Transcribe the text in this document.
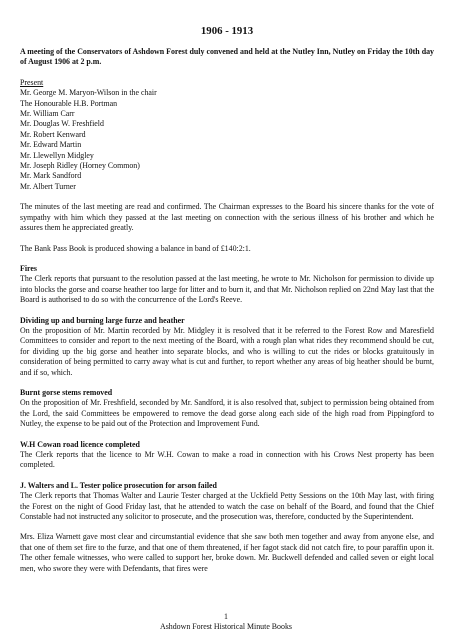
1906 - 1913
A meeting of the Conservators of Ashdown Forest duly convened and held at the Nutley Inn, Nutley on Friday the 10th day of August 1906 at 2 p.m.
Present
Mr. George M. Maryon-Wilson in the chair
The Honourable H.B. Portman
Mr. William Carr
Mr. Douglas W. Freshfield
Mr. Robert Kenward
Mr. Edward Martin
Mr. Llewellyn Midgley
Mr. Joseph Ridley (Horney Common)
Mr. Mark Sandford
Mr. Albert Turner

The minutes of the last meeting are read and confirmed. The Chairman expresses to the Board his sincere thanks for the vote of sympathy with him which they passed at the last meeting on connection with the serious illness of his brother and which he assures them he appreciated greatly.

The Bank Pass Book is produced showing a balance in band of £140:2:1.

Fires

The Clerk reports that pursuant to the resolution passed at the last meeting, he wrote to Mr. Nicholson for permission to divide up into blocks the gorse and coarse heather too large for litter and to burn it, and that Mr. Nicholson replied on 22nd May last that the Board is authorised to do so with the concurrence of the Lord's Reeve.

Dividing up and burning large furze and heather

On the proposition of Mr. Martin recorded by Mr. Midgley it is resolved that it be referred to the Forest Row and Maresfield Committees to consider and report to the next meeting of the Board, with a rough plan what rides they recommend should be cut, for dividing up the big gorse and heather into separate blocks, and who is willing to cut the rides or blocks gratuitously in consideration of being permitted to carry away what is cut and further, to report whether any areas of big heather should be burnt, and if so, which.

Burnt gorse stems removed

On the proposition of Mr. Freshfield, seconded by Mr. Sandford, it is also resolved that, subject to permission being obtained from the Lord, the said Committees be empowered to remove the dead gorse along each side of the high road from Pippingford to Nutley, the expense to be paid out of the Protection and Improvement Fund.

W.H Cowan road licence completed

The Clerk reports that the licence to Mr W.H. Cowan to make a road in connection with his Crows Nest property has been completed.

J. Walters and L. Tester police prosecution for arson failed

The Clerk reports that Thomas Walter and Laurie Tester charged at the Uckfield Petty Sessions on the 10th May last, with firing the Forest on the night of Good Friday last, that he attended to watch the case on behalf of the Board, and found that the Chief Constable had not instructed any solicitor to prosecute, and the prosecution was, therefore, conducted by the Superintendent.

Mrs. Eliza Warnett gave most clear and circumstantial evidence that she saw both men together and away from anyone else, and that one of them set fire to the furze, and that one of them threatened, if her fagot stack did not catch fire, to pour paraffin upon it. The other female witnesses, who were called to support her, broke down. Mr. Buckwell defended and called seven or eight local men, who swore they were with Defendants, that fires were

1
Ashdown Forest Historical Minute Books
